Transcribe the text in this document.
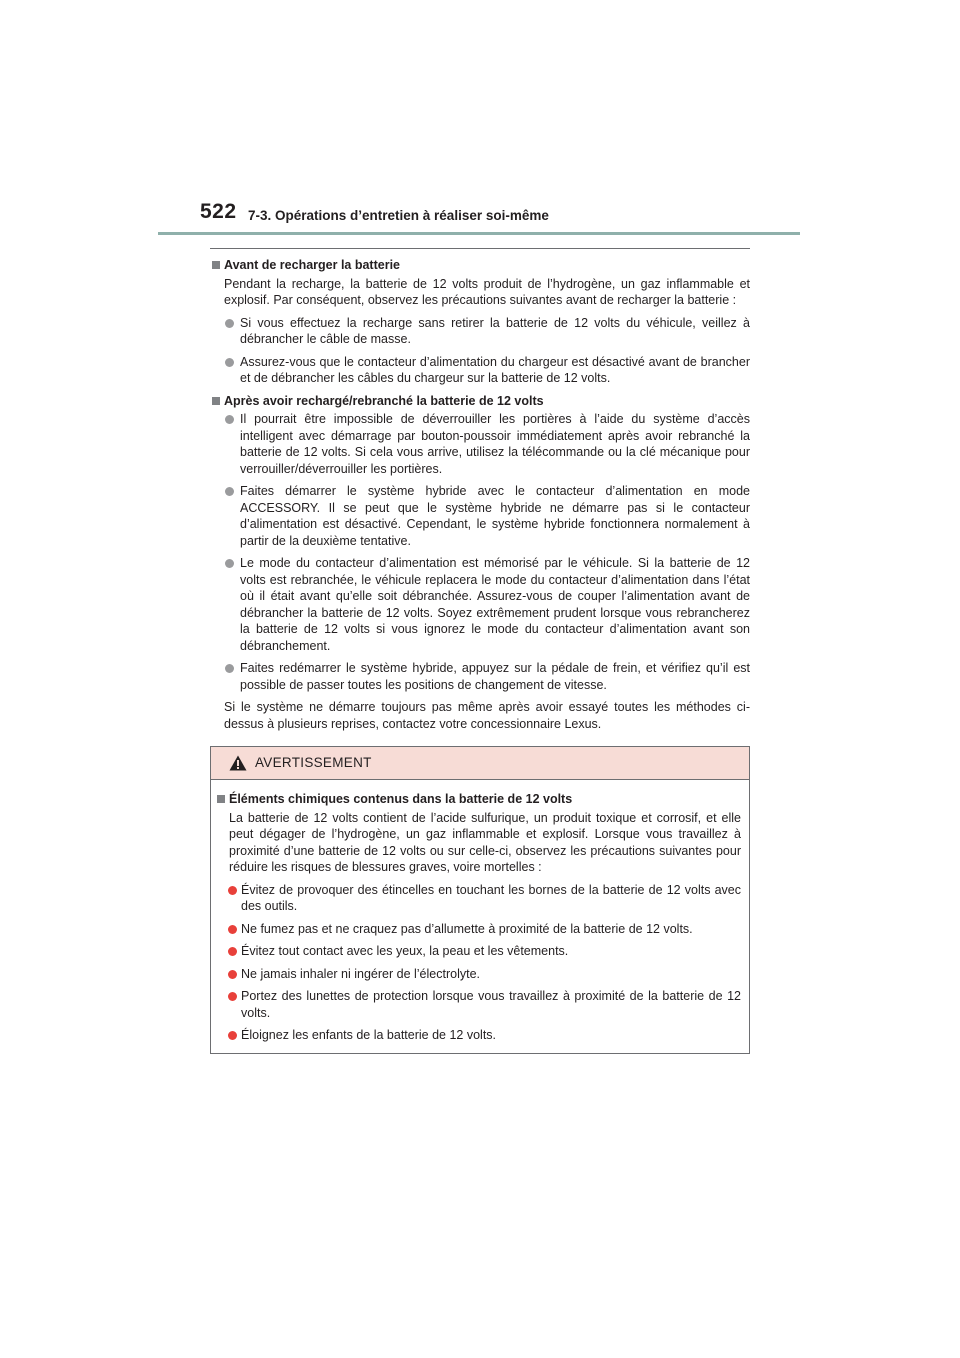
522 7-3. Opérations d’entretien à réaliser soi-même
Avant de recharger la batterie
Pendant la recharge, la batterie de 12 volts produit de l’hydrogène, un gaz inflammable et explosif. Par conséquent, observez les précautions suivantes avant de recharger la batterie :
Si vous effectuez la recharge sans retirer la batterie de 12 volts du véhicule, veillez à débrancher le câble de masse.
Assurez-vous que le contacteur d’alimentation du chargeur est désactivé avant de brancher et de débrancher les câbles du chargeur sur la batterie de 12 volts.
Après avoir rechargé/rebranché la batterie de 12 volts
Il pourrait être impossible de déverrouiller les portières à l’aide du système d’accès intelligent avec démarrage par bouton-poussoir immédiatement après avoir rebranché la batterie de 12 volts. Si cela vous arrive, utilisez la télécommande ou la clé mécanique pour verrouiller/déverrouiller les portières.
Faites démarrer le système hybride avec le contacteur d’alimentation en mode ACCESSORY. Il se peut que le système hybride ne démarre pas si le contacteur d’alimentation est désactivé. Cependant, le système hybride fonctionnera normalement à partir de la deuxième tentative.
Le mode du contacteur d’alimentation est mémorisé par le véhicule. Si la batterie de 12 volts est rebranchée, le véhicule replacera le mode du contacteur d’alimentation dans l’état où il était avant qu’elle soit débranchée. Assurez-vous de couper l’alimentation avant de débrancher la batterie de 12 volts. Soyez extrêmement prudent lorsque vous rebrancherez la batterie de 12 volts si vous ignorez le mode du contacteur d’alimentation avant son débranchement.
Faites redémarrer le système hybride, appuyez sur la pédale de frein, et vérifiez qu’il est possible de passer toutes les positions de changement de vitesse.
Si le système ne démarre toujours pas même après avoir essayé toutes les méthodes ci-dessus à plusieurs reprises, contactez votre concessionnaire Lexus.
AVERTISSEMENT
Éléments chimiques contenus dans la batterie de 12 volts
La batterie de 12 volts contient de l’acide sulfurique, un produit toxique et corrosif, et elle peut dégager de l’hydrogène, un gaz inflammable et explosif. Lorsque vous travaillez à proximité d’une batterie de 12 volts ou sur celle-ci, observez les précautions suivantes pour réduire les risques de blessures graves, voire mortelles :
Évitez de provoquer des étincelles en touchant les bornes de la batterie de 12 volts avec des outils.
Ne fumez pas et ne craquez pas d’allumette à proximité de la batterie de 12 volts.
Évitez tout contact avec les yeux, la peau et les vêtements.
Ne jamais inhaler ni ingérer de l’électrolyte.
Portez des lunettes de protection lorsque vous travaillez à proximité de la batterie de 12 volts.
Éloignez les enfants de la batterie de 12 volts.
